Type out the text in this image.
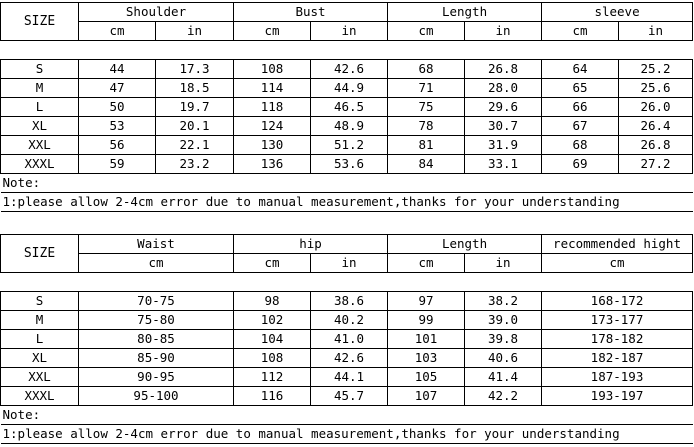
SIZE	Shoulder		Bust		Length		sleeve	
	cm	in	cm	in	cm	in	cm	in

S	44	17.3	108	42.6	68	26.8	64	25.2
M	47	18.5	114	44.9	71	28.0	65	25.6
L	50	19.7	118	46.5	75	29.6	66	26.0
XL	53	20.1	124	48.9	78	30.7	67	26.4
XXL	56	22.1	130	51.2	81	31.9	68	26.8
XXXL	59	23.2	136	53.6	84	33.1	69	27.2
Note:								
1:please allow 2-4cm error due to manual measurement,thanks for your understanding								
SIZE	Waist	hip		Length		recommended hight
	cm	cm	in	cm	in	cm

S	70-75	98	38.6	97	38.2	168-172
M	75-80	102	40.2	99	39.0	173-177
L	80-85	104	41.0	101	39.8	178-182
XL	85-90	108	42.6	103	40.6	182-187
XXL	90-95	112	44.1	105	41.4	187-193
XXXL	95-100	116	45.7	107	42.2	193-197
Note:						
1:please allow 2-4cm error due to manual measurement,thanks for your understanding						
